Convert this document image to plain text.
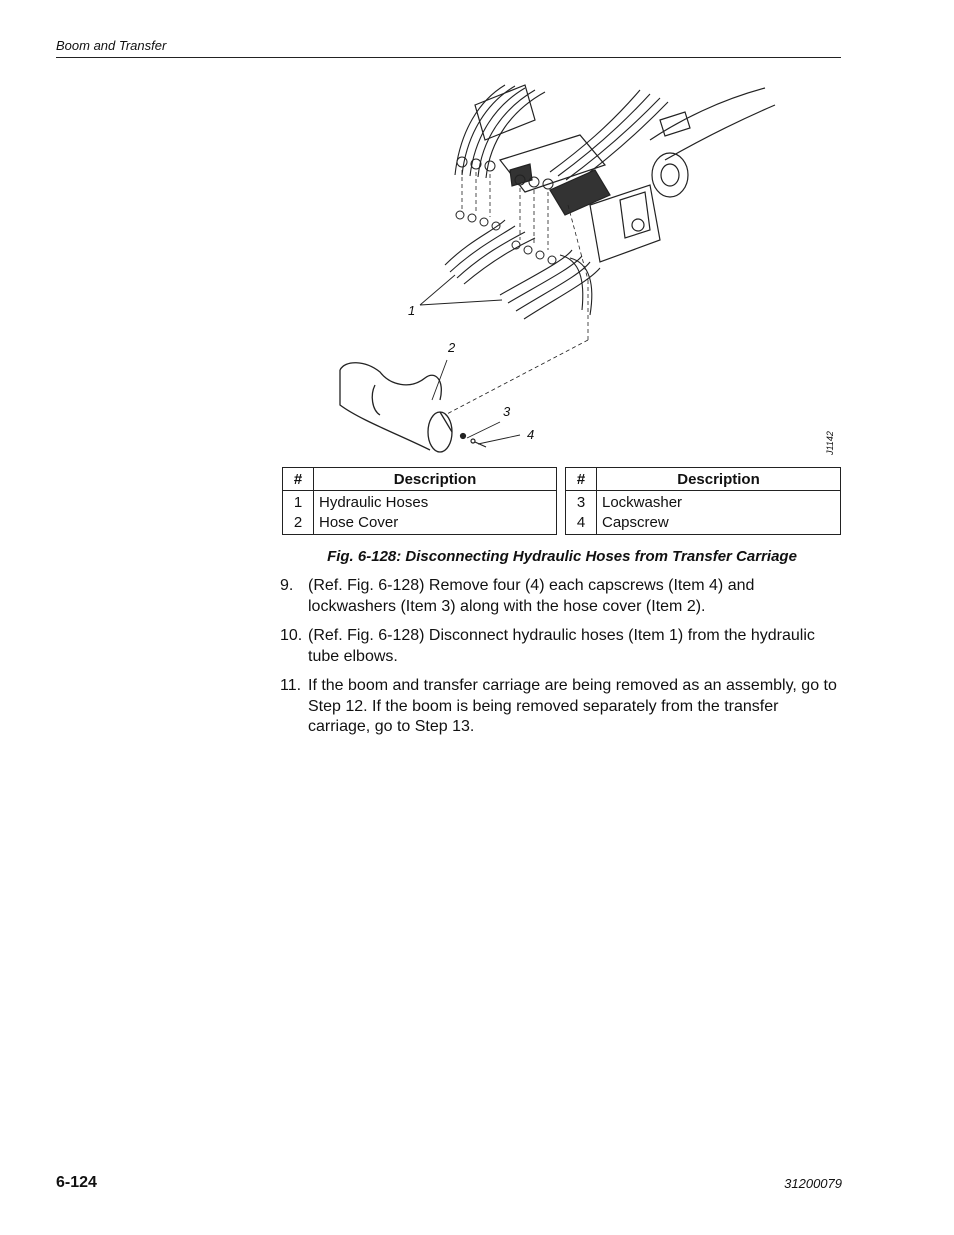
Boom and Transfer
1
2
3
4	J1142
#	Description
1	Hydraulic Hoses
2	Hose Cover
#	Description
3	Lockwasher
4	Capscrew
Fig. 6-128: Disconnecting Hydraulic Hoses from Transfer Carriage
9. (Ref. Fig. 6-128) Remove four (4) each capscrews (Item 4) and lockwashers (Item 3) along with the hose cover (Item 2).
10. (Ref. Fig. 6-128) Disconnect hydraulic hoses (Item 1) from the hydraulic tube elbows.
11. If the boom and transfer carriage are being removed as an assembly, go to Step 12. If the boom is being removed separately from the transfer carriage, go to Step 13.
6-124	31200079
